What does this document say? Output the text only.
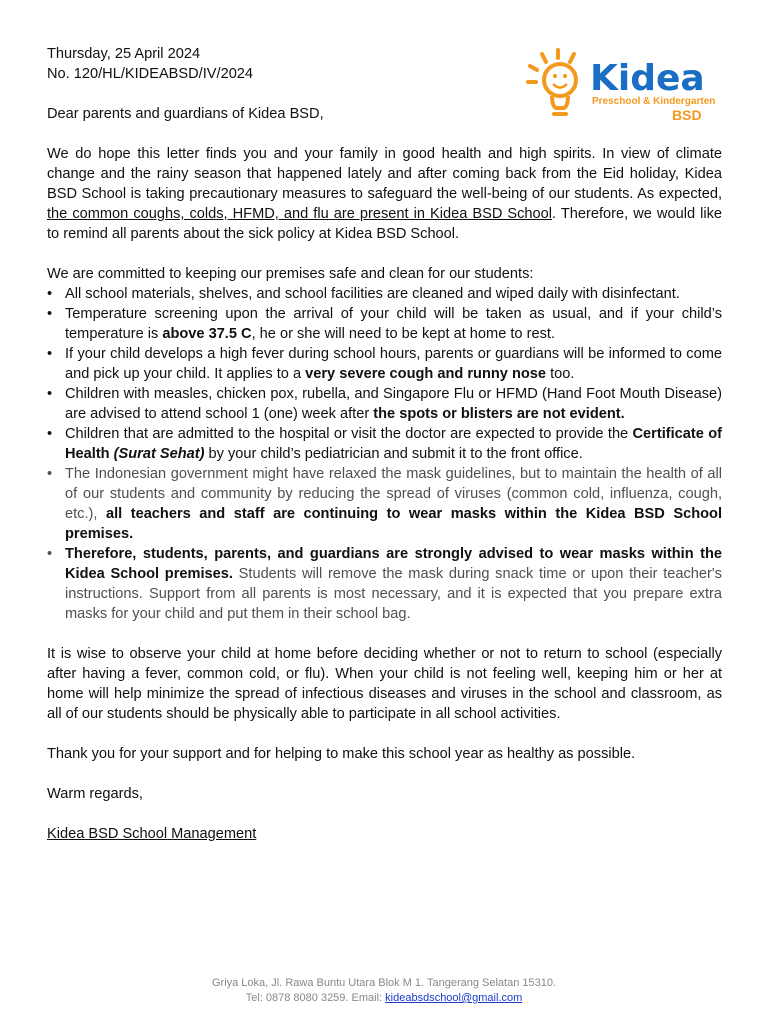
Kidea
Preschool & Kindergarten
BSD
Thursday, 25 April 2024
No. 120/HL/KIDEABSD/IV/2024
Dear parents and guardians of Kidea BSD,

We do hope this letter finds you and your family in good health and high spirits. In view of climate change and the rainy season that happened lately and after coming back from the Eid holiday, Kidea BSD School is taking precautionary measures to safeguard the well-being of our students. As expected, the common coughs, colds, HFMD, and flu are present in Kidea BSD School. Therefore, we would like to remind all parents about the sick policy at Kidea BSD School.

We are committed to keeping our premises safe and clean for our students:
• All school materials, shelves, and school facilities are cleaned and wiped daily with disinfectant.
• Temperature screening upon the arrival of your child will be taken as usual, and if your child’s temperature is above 37.5 C, he or she will need to be kept at home to rest.
• If your child develops a high fever during school hours, parents or guardians will be informed to come and pick up your child. It applies to a very severe cough and runny nose too.
• Children with measles, chicken pox, rubella, and Singapore Flu or HFMD (Hand Foot Mouth Disease) are advised to attend school 1 (one) week after the spots or blisters are not evident.
• Children that are admitted to the hospital or visit the doctor are expected to provide the Certificate of Health (Surat Sehat) by your child’s pediatrician and submit it to the front office.
• The Indonesian government might have relaxed the mask guidelines, but to maintain the health of all of our students and community by reducing the spread of viruses (common cold, influenza, cough, etc.), all teachers and staff are continuing to wear masks within the Kidea BSD School premises.
• Therefore, students, parents, and guardians are strongly advised to wear masks within the Kidea School premises. Students will remove the mask during snack time or upon their teacher's instructions. Support from all parents is most necessary, and it is expected that you prepare extra masks for your child and put them in their school bag.

It is wise to observe your child at home before deciding whether or not to return to school (especially after having a fever, common cold, or flu). When your child is not feeling well, keeping him or her at home will help minimize the spread of infectious diseases and viruses in the school and classroom, as all of our students should be physically able to participate in all school activities.

Thank you for your support and for helping to make this school year as healthy as possible.
Warm regards,
Kidea BSD School Management
Griya Loka, Jl. Rawa Buntu Utara Blok M 1. Tangerang Selatan 15310.
Tel: 0878 8080 3259. Email: kideabsdschool@gmail.com
